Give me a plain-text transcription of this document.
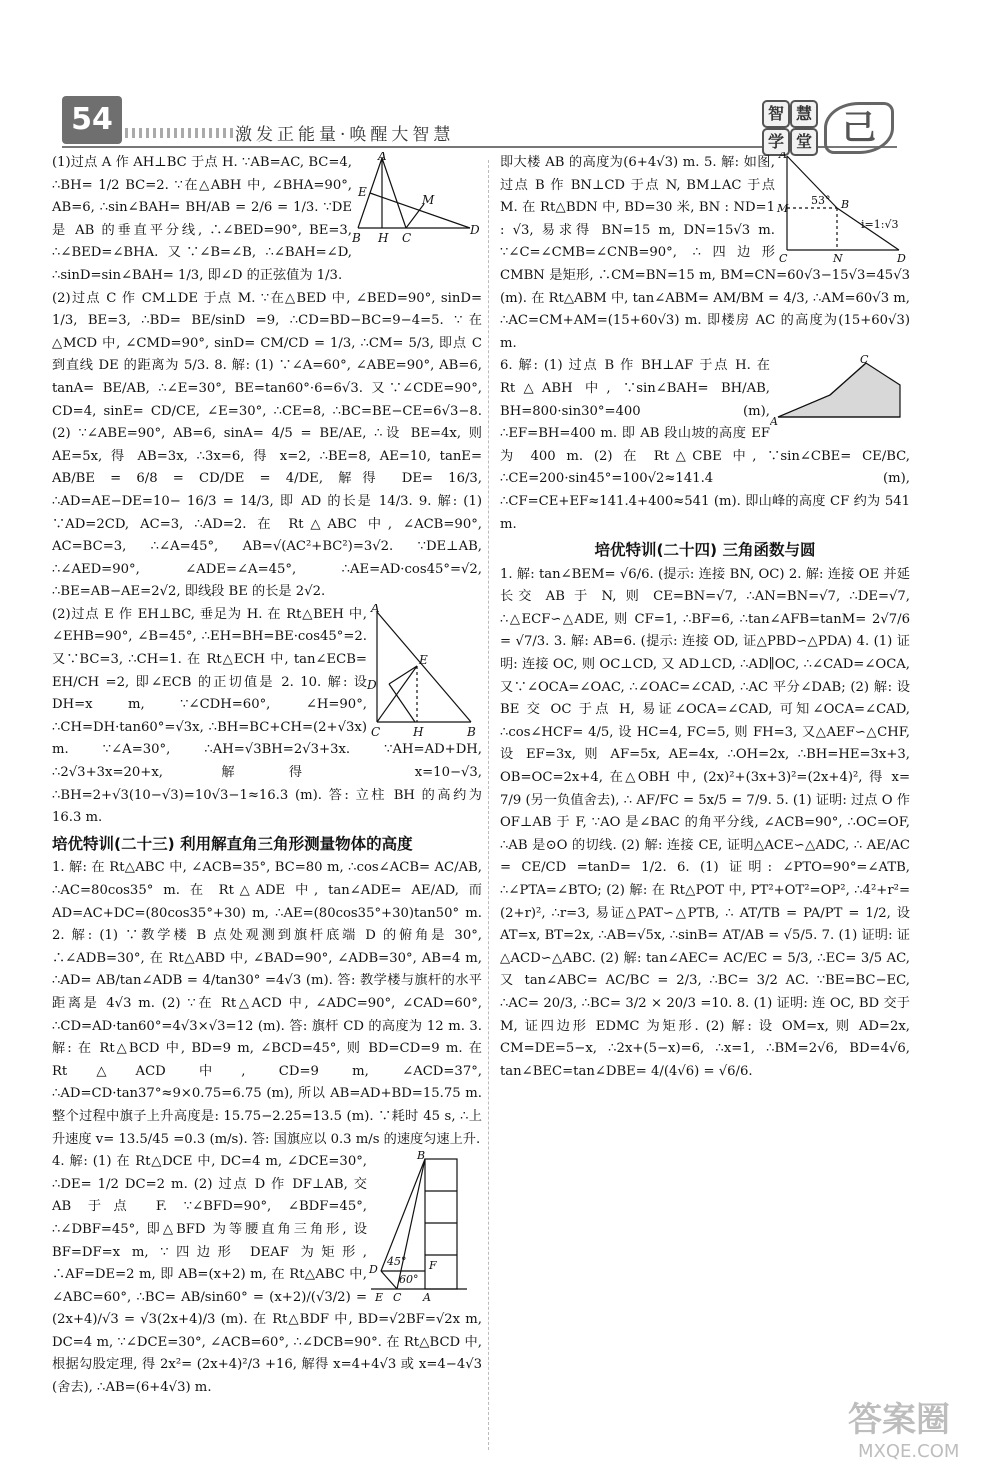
54	激发正能量·唤醒大智慧
智 慧
学 堂 己
A
E
M
B H C
D

(1)过点 A 作 AH⊥BC 于点 H. ∵AB=AC, BC=4, ∴BH= 1/2 BC=2. ∵在△ABH 中, ∠BHA=90°, AB=6, ∴sin∠BAH= BH/AB = 2/6 = 1/3. ∵DE 是 AB 的垂直平分线, ∴∠BED=90°, BE=3, ∴∠BED=∠BHA. 又∵∠B=∠B, ∴∠BAH=∠D, ∴sinD=sin∠BAH= 1/3, 即∠D 的正弦值为 1/3.

(2)过点 C 作 CM⊥DE 于点 M. ∵在△BED 中, ∠BED=90°, sinD= 1/3, BE=3, ∴BD= BE/sinD =9, ∴CD=BD−BC=9−4=5. ∵在△MCD 中, ∠CMD=90°, sinD= CM/CD = 1/3, ∴CM= 5/3, 即点 C 到直线 DE 的距离为 5/3. 8. 解: (1) ∵∠A=60°, ∠ABE=90°, AB=6, tanA= BE/AB, ∴∠E=30°, BE=tan60°·6=6√3. 又∵∠CDE=90°, CD=4, sinE= CD/CE, ∠E=30°, ∴CE=8, ∴BC=BE−CE=6√3−8. (2) ∵∠ABE=90°, AB=6, sinA= 4/5 = BE/AE, ∴设 BE=4x, 则 AE=5x, 得 AB=3x, ∴3x=6, 得 x=2, ∴BE=8, AE=10, tanE= AB/BE = 6/8 = CD/DE = 4/DE, 解得 DE= 16/3, ∴AD=AE−DE=10− 16/3 = 14/3, 即 AD 的长是 14/3. 9. 解: (1) ∵AD=2CD, AC=3, ∴AD=2. 在 Rt△ABC 中, ∠ACB=90°, AC=BC=3, ∴∠A=45°, AB=√(AC²+BC²)=3√2. ∵DE⊥AB, ∴∠AED=90°, ∠ADE=∠A=45°, ∴AE=AD·cos45°=√2, ∴BE=AB−AE=2√2, 即线段 BE 的长是 2√2.

A
D
E
C	H	B

(2)过点 E 作 EH⊥BC, 垂足为 H. 在 Rt△BEH 中, ∠EHB=90°, ∠B=45°, ∴EH=BH=BE·cos45°=2. 又∵BC=3, ∴CH=1. 在 Rt△ECH 中, tan∠ECB= EH/CH =2, 即∠ECB 的正切值是 2. 10. 解: 设 DH=x m, ∵∠CDH=60°, ∠H=90°, ∴CH=DH·tan60°=√3x, ∴BH=BC+CH=(2+√3x) m. ∵∠A=30°, ∴AH=√3BH=2√3+3x. ∵AH=AD+DH, ∴2√3+3x=20+x, 解得 x=10−√3, ∴BH=2+√3(10−√3)=10√3−1≈16.3 (m). 答: 立柱 BH 的高约为 16.3 m.

培优特训(二十三) 利用解直角三角形测量物体的高度

1. 解: 在 Rt△ABC 中, ∠ACB=35°, BC=80 m, ∴cos∠ACB= AC/AB, ∴AC=80cos35° m. 在 Rt△ADE 中, tan∠ADE= AE/AD, 而 AD=AC+DC=(80cos35°+30) m, ∴AE=(80cos35°+30)tan50° m. 2. 解: (1) ∵教学楼 B 点处观测到旗杆底端 D 的俯角是 30°, ∴∠ADB=30°, 在 Rt△ABD 中, ∠BAD=90°, ∠ADB=30°, AB=4 m, ∴AD= AB/tan∠ADB = 4/tan30° =4√3 (m). 答: 教学楼与旗杆的水平距离是 4√3 m. (2) ∵在 Rt△ACD 中, ∠ADC=90°, ∠CAD=60°, ∴CD=AD·tan60°=4√3×√3=12 (m). 答: 旗杆 CD 的高度为 12 m. 3. 解: 在 Rt△BCD 中, BD=9 m, ∠BCD=45°, 则 BD=CD=9 m. 在 Rt△ACD 中, CD=9 m, ∠ACD=37°, ∴AD=CD·tan37°≈9×0.75=6.75 (m), 所以 AB=AD+BD=15.75 m. 整个过程中旗子上升高度是: 15.75−2.25=13.5 (m). ∵耗时 45 s, ∴上升速度 v= 13.5/45 =0.3 (m/s). 答: 国旗应以 0.3 m/s 的速度匀速上升.

B
D
45°
60°
F
E C A

4. 解: (1) 在 Rt△DCE 中, DC=4 m, ∠DCE=30°, ∴DE= 1/2 DC=2 m. (2) 过点 D 作 DF⊥AB, 交 AB 于点 F. ∵∠BFD=90°, ∠BDF=45°, ∴∠DBF=45°, 即△BFD 为等腰直角三角形, 设 BF=DF=x m, ∵四边形 DEAF 为矩形, ∴AF=DE=2 m, 即 AB=(x+2) m, 在 Rt△ABC 中, ∠ABC=60°, ∴BC= AB/sin60° = (x+2)/(√3/2) = (2x+4)/√3 = √3(2x+4)/3 (m). 在 Rt△BDF 中, BD=√2BF=√2x m, DC=4 m, ∵∠DCE=30°, ∠ACB=60°, ∴∠DCB=90°. 在 Rt△BCD 中, 根据勾股定理, 得 2x²= (2x+4)²/3 +16, 解得 x=4+4√3 或 x=4−4√3 (舍去), ∴AB=(6+4√3) m.

A
53° B
i=1:√3
M
C	N	D

即大楼 AB 的高度为(6+4√3) m. 5. 解: 如图, 过点 B 作 BN⊥CD 于点 N, BM⊥AC 于点 M. 在 Rt△BDN 中, BD=30 米, BN : ND=1 : √3, 易求得 BN=15 m, DN=15√3 m. ∵∠C=∠CMB=∠CNB=90°, ∴四边形 CMBN 是矩形, ∴CM=BN=15 m, BM=CN=60√3−15√3=45√3 (m). 在 Rt△ABM 中, tan∠ABM= AM/BM = 4/3, ∴AM=60√3 m, ∴AC=CM+AM=(15+60√3) m. 即楼房 AC 的高度为(15+60√3) m.

C
A

6. 解: (1) 过点 B 作 BH⊥AF 于点 H. 在 Rt△ABH 中, ∵sin∠BAH= BH/AB, BH=800·sin30°=400 (m), ∴EF=BH=400 m. 即 AB 段山坡的高度 EF 为 400 m. (2) 在 Rt△CBE 中, ∵sin∠CBE= CE/BC, ∴CE=200·sin45°=100√2≈141.4 (m), ∴CF=CE+EF≈141.4+400≈541 (m). 即山峰的高度 CF 约为 541 m.

培优特训(二十四) 三角函数与圆

1. 解: tan∠BEM= √6/6. (提示: 连接 BN, OC) 2. 解: 连接 OE 并延长交 AB 于 N, 则 CE=BN=√7, ∴AN=BN=√7, ∴DE=√7, ∴△ECF∽△ADE, 则 CF=1, ∴BF=6, ∴tan∠AFB=tanM= 2√7/6 = √7/3. 3. 解: AB=6. (提示: 连接 OD, 证△PBD∽△PDA) 4. (1) 证明: 连接 OC, 则 OC⊥CD, 又 AD⊥CD, ∴AD∥OC, ∴∠CAD=∠OCA, 又∵∠OCA=∠OAC, ∴∠OAC=∠CAD, ∴AC 平分∠DAB; (2) 解: 设 BE 交 OC 于点 H, 易证∠OCA=∠CAD, 可知∠OCA=∠CAD, ∴cos∠HCF= 4/5, 设 HC=4, FC=5, 则 FH=3, 又△AEF∽△CHF, 设 EF=3x, 则 AF=5x, AE=4x, ∴OH=2x, ∴BH=HE=3x+3, OB=OC=2x+4, 在△OBH 中, (2x)²+(3x+3)²=(2x+4)², 得 x= 7/9 (另一负值舍去), ∴ AF/FC = 5x/5 = 7/9. 5. (1) 证明: 过点 O 作 OF⊥AB 于 F, ∵AO 是∠BAC 的角平分线, ∠ACB=90°, ∴OC=OF, ∴AB 是⊙O 的切线. (2) 解: 连接 CE, 证明△ACE∽△ADC, ∴ AE/AC = CE/CD =tanD= 1/2. 6. (1) 证明: ∠PTO=90°=∠ATB, ∴∠PTA=∠BTO; (2) 解: 在 Rt△POT 中, PT²+OT²=OP², ∴4²+r²=(2+r)², ∴r=3, 易证△PAT∽△PTB, ∴ AT/TB = PA/PT = 1/2, 设 AT=x, BT=2x, ∴AB=√5x, ∴sinB= AT/AB = √5/5. 7. (1) 证明: 证△ACD∽△ABC. (2) 解: tan∠AEC= AC/EC = 5/3, ∴EC= 3/5 AC, 又 tan∠ABC= AC/BC = 2/3, ∴BC= 3/2 AC. ∵BE=BC−EC, ∴AC= 20/3, ∴BC= 3/2 × 20/3 =10. 8. (1) 证明: 连 OC, BD 交于 M, 证四边形 EDMC 为矩形. (2) 解: 设 OM=x, 则 AD=2x, CM=DE=5−x, ∴2x+(5−x)=6, ∴x=1, ∴BM=2√6, BD=4√6, tan∠BEC=tan∠DBE= 4/(4√6) = √6/6.

答案圈
MXQE.COM
